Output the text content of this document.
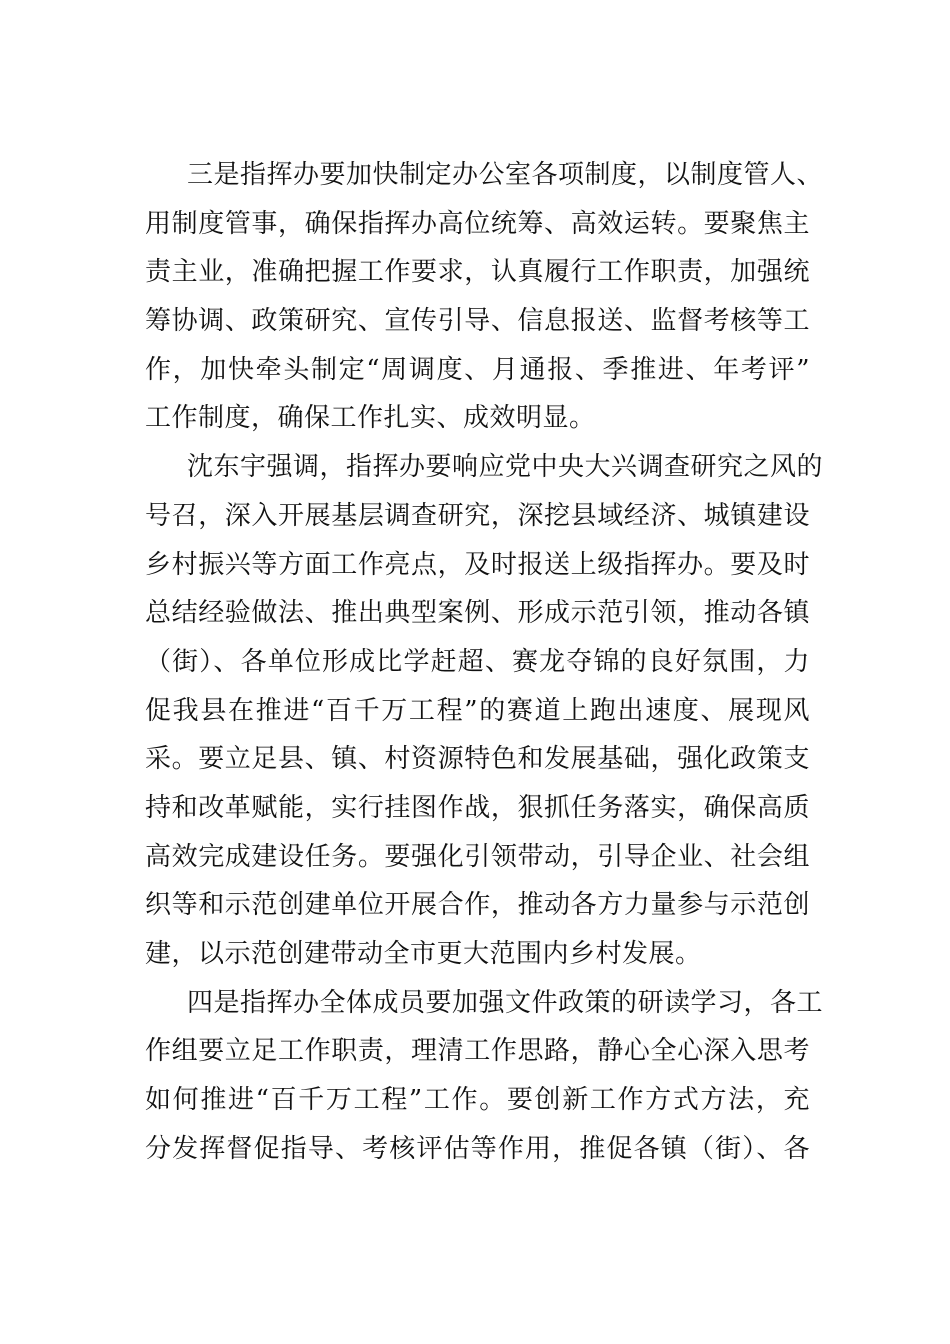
三是指挥办要加快制定办公室各项制度，以制度管人、
用制度管事，确保指挥办高位统筹、高效运转。要聚焦主
责主业，准确把握工作要求，认真履行工作职责，加强统
筹协调、政策研究、宣传引导、信息报送、监督考核等工
作，加快牵头制定“周调度、月通报、季推进、年考评”
工作制度，确保工作扎实、成效明显。
沈东宇强调，指挥办要响应党中央大兴调查研究之风的
号召，深入开展基层调查研究，深挖县域经济、城镇建设
乡村振兴等方面工作亮点，及时报送上级指挥办。要及时
总结经验做法、推出典型案例、形成示范引领，推动各镇
（街）、各单位形成比学赶超、赛龙夺锦的良好氛围，力
促我县在推进“百千万工程”的赛道上跑出速度、展现风
采。要立足县、镇、村资源特色和发展基础，强化政策支
持和改革赋能，实行挂图作战，狠抓任务落实，确保高质
高效完成建设任务。要强化引领带动，引导企业、社会组
织等和示范创建单位开展合作，推动各方力量参与示范创
建，以示范创建带动全市更大范围内乡村发展。
四是指挥办全体成员要加强文件政策的研读学习，各工
作组要立足工作职责，理清工作思路，静心全心深入思考
如何推进“百千万工程”工作。要创新工作方式方法，充
分发挥督促指导、考核评估等作用，推促各镇（街）、各
